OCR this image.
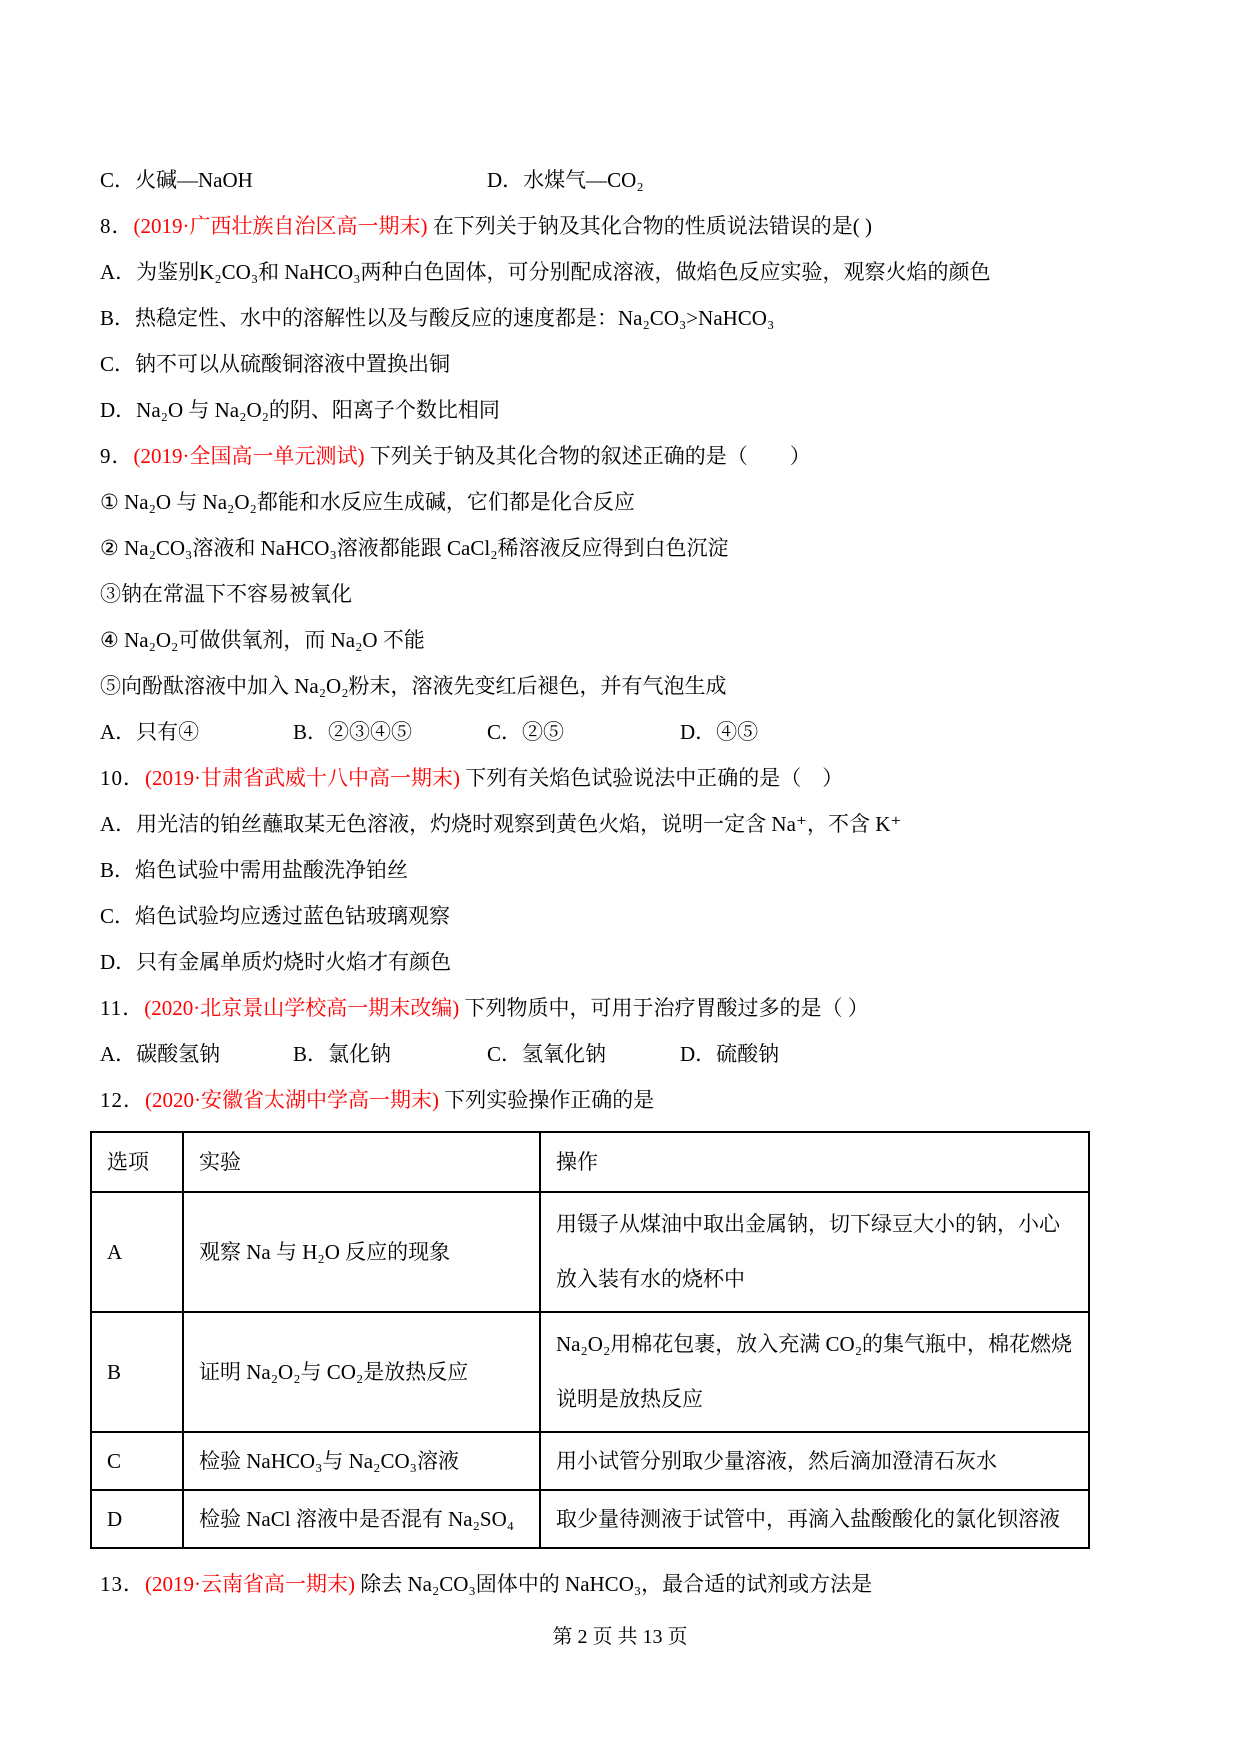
C．火碱—NaOH	D．水煤气—CO₂
8．(2019·广西壮族自治区高一期末) 在下列关于钠及其化合物的性质说法错误的是( )
A．为鉴别K₂CO₃和 NaHCO₃两种白色固体，可分别配成溶液，做焰色反应实验，观察火焰的颜色
B．热稳定性、水中的溶解性以及与酸反应的速度都是：Na₂CO₃>NaHCO₃
C．钠不可以从硫酸铜溶液中置换出铜
D．Na₂O 与 Na₂O₂的阴、阳离子个数比相同
9．(2019·全国高一单元测试) 下列关于钠及其化合物的叙述正确的是（　　）
① Na₂O 与 Na₂O₂都能和水反应生成碱，它们都是化合反应
② Na₂CO₃溶液和 NaHCO₃溶液都能跟 CaCl₂稀溶液反应得到白色沉淀
③钠在常温下不容易被氧化
④ Na₂O₂可做供氧剂，而 Na₂O 不能
⑤向酚酞溶液中加入 Na₂O₂粉末，溶液先变红后褪色，并有气泡生成
A．只有④	B．②③④⑤	C．②⑤	D．④⑤
10．(2019·甘肃省武威十八中高一期末) 下列有关焰色试验说法中正确的是（　）
A．用光洁的铂丝蘸取某无色溶液，灼烧时观察到黄色火焰，说明一定含 Na⁺，不含 K⁺
B．焰色试验中需用盐酸洗净铂丝
C．焰色试验均应透过蓝色钴玻璃观察
D．只有金属单质灼烧时火焰才有颜色
11．(2020·北京景山学校高一期末改编) 下列物质中，可用于治疗胃酸过多的是（ ）
A．碳酸氢钠	B．氯化钠	C．氢氧化钠	D．硫酸钠
12．(2020·安徽省太湖中学高一期末) 下列实验操作正确的是
选项	实验	操作
A	观察 Na 与 H₂O 反应的现象	用镊子从煤油中取出金属钠，切下绿豆大小的钠，小心放入装有水的烧杯中
B	证明 Na₂O₂与 CO₂是放热反应	Na₂O₂用棉花包裹，放入充满 CO₂的集气瓶中，棉花燃烧说明是放热反应
C	检验 NaHCO₃与 Na₂CO₃溶液	用小试管分别取少量溶液，然后滴加澄清石灰水
D	检验 NaCl 溶液中是否混有 Na₂SO₄	取少量待测液于试管中，再滴入盐酸酸化的氯化钡溶液
13．(2019·云南省高一期末) 除去 Na₂CO₃固体中的 NaHCO₃，最合适的试剂或方法是
第 2 页 共 13 页
